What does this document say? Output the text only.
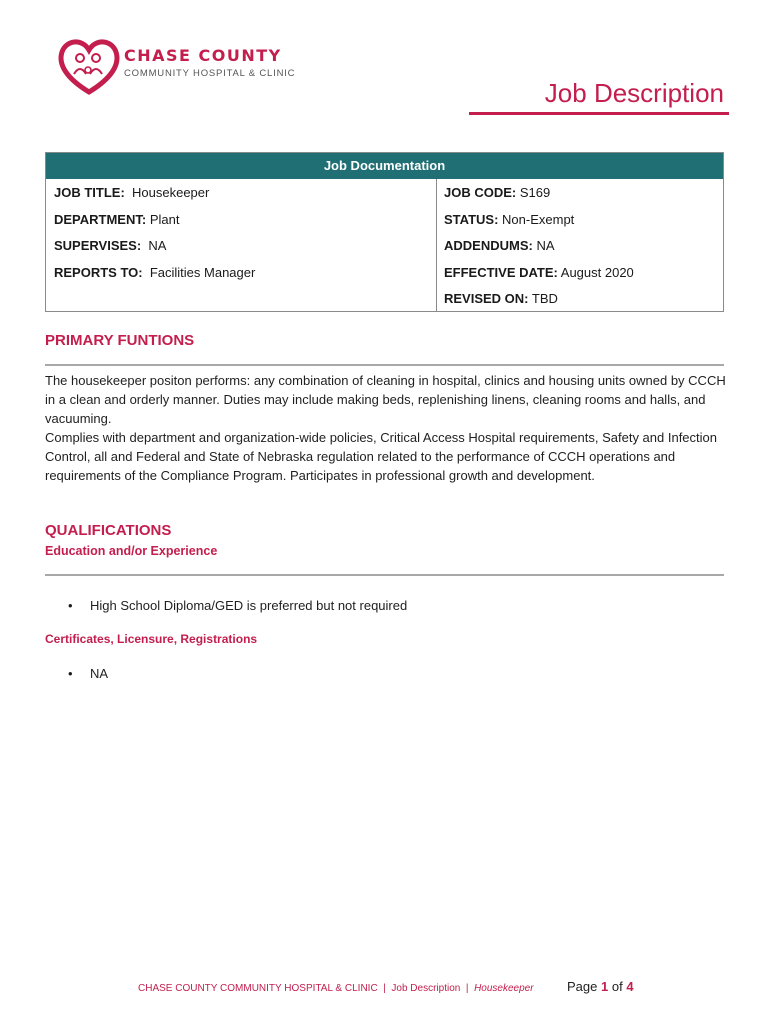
CHASE COUNTY
COMMUNITY HOSPITAL & CLINIC
Job Description
Job Documentation
JOB TITLE: Housekeeper
DEPARTMENT: Plant
SUPERVISES: NA
REPORTS TO: Facilities Manager
JOB CODE: S169
STATUS: Non-Exempt
ADDENDUMS: NA
EFFECTIVE DATE: August 2020
REVISED ON: TBD
PRIMARY FUNTIONS

The housekeeper positon performs: any combination of cleaning in hospital, clinics and housing units owned by CCCH in a clean and orderly manner. Duties may include making beds, replenishing linens, cleaning rooms and halls, and vacuuming.

Complies with department and organization-wide policies, Critical Access Hospital requirements, Safety and Infection Control, all and Federal and State of Nebraska regulation related to the performance of CCCH operations and requirements of the Compliance Program. Participates in professional growth and development.

QUALIFICATIONS
Education and/or Experience
• High School Diploma/GED is preferred but not required
Certificates, Licensure, Registrations
• NA
CHASE COUNTY COMMUNITY HOSPITAL & CLINIC | Job Description | Housekeeper	Page 1 of 4
